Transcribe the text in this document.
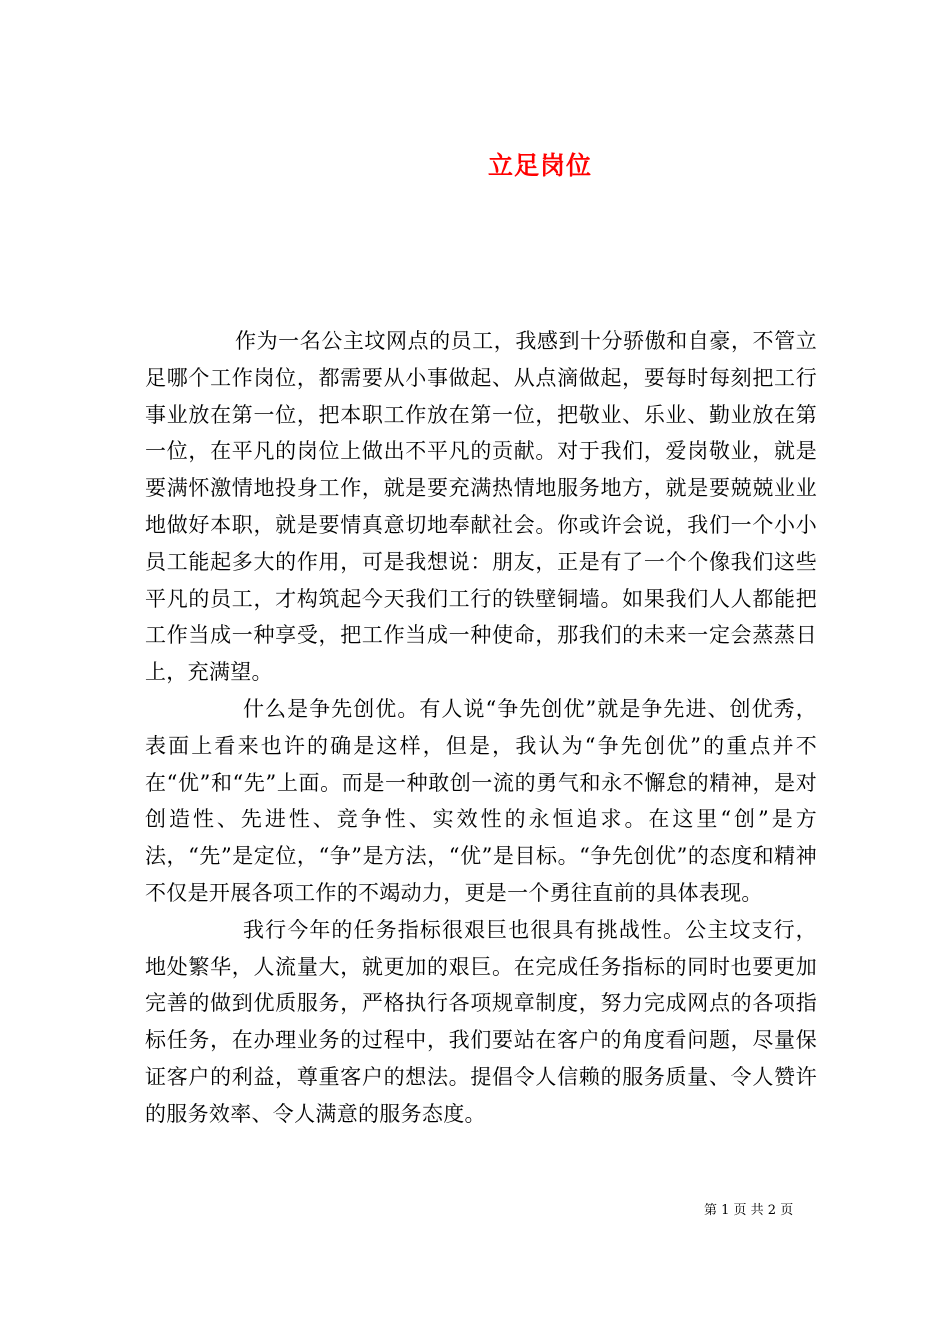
立足岗位

作为一名公主坟网点的员工，我感到十分骄傲和自豪，不管立足哪个工作岗位，都需要从小事做起、从点滴做起，要每时每刻把工行事业放在第一位，把本职工作放在第一位，把敬业、乐业、勤业放在第一位，在平凡的岗位上做出不平凡的贡献。对于我们，爱岗敬业，就是要满怀激情地投身工作，就是要充满热情地服务地方，就是要兢兢业业地做好本职，就是要情真意切地奉献社会。你或许会说，我们一个小小员工能起多大的作用，可是我想说：朋友，正是有了一个个像我们这些平凡的员工，才构筑起今天我们工行的铁壁铜墙。如果我们人人都能把工作当成一种享受，把工作当成一种使命，那我们的未来一定会蒸蒸日上，充满望。

什么是争先创优。有人说“争先创优”就是争先进、创优秀，表面上看来也许的确是这样，但是，我认为“争先创优”的重点并不在“优”和“先”上面。而是一种敢创一流的勇气和永不懈怠的精神，是对创造性、先进性、竞争性、实效性的永恒追求。在这里“创”是方法，“先”是定位，“争”是方法，“优”是目标。“争先创优”的态度和精神不仅是开展各项工作的不竭动力，更是一个勇往直前的具体表现。

我行今年的任务指标很艰巨也很具有挑战性。公主坟支行，地处繁华，人流量大，就更加的艰巨。在完成任务指标的同时也要更加完善的做到优质服务，严格执行各项规章制度，努力完成网点的各项指标任务，在办理业务的过程中，我们要站在客户的角度看问题，尽量保证客户的利益，尊重客户的想法。提倡令人信赖的服务质量、令人赞许的服务效率、令人满意的服务态度。

第 1 页 共 2 页
